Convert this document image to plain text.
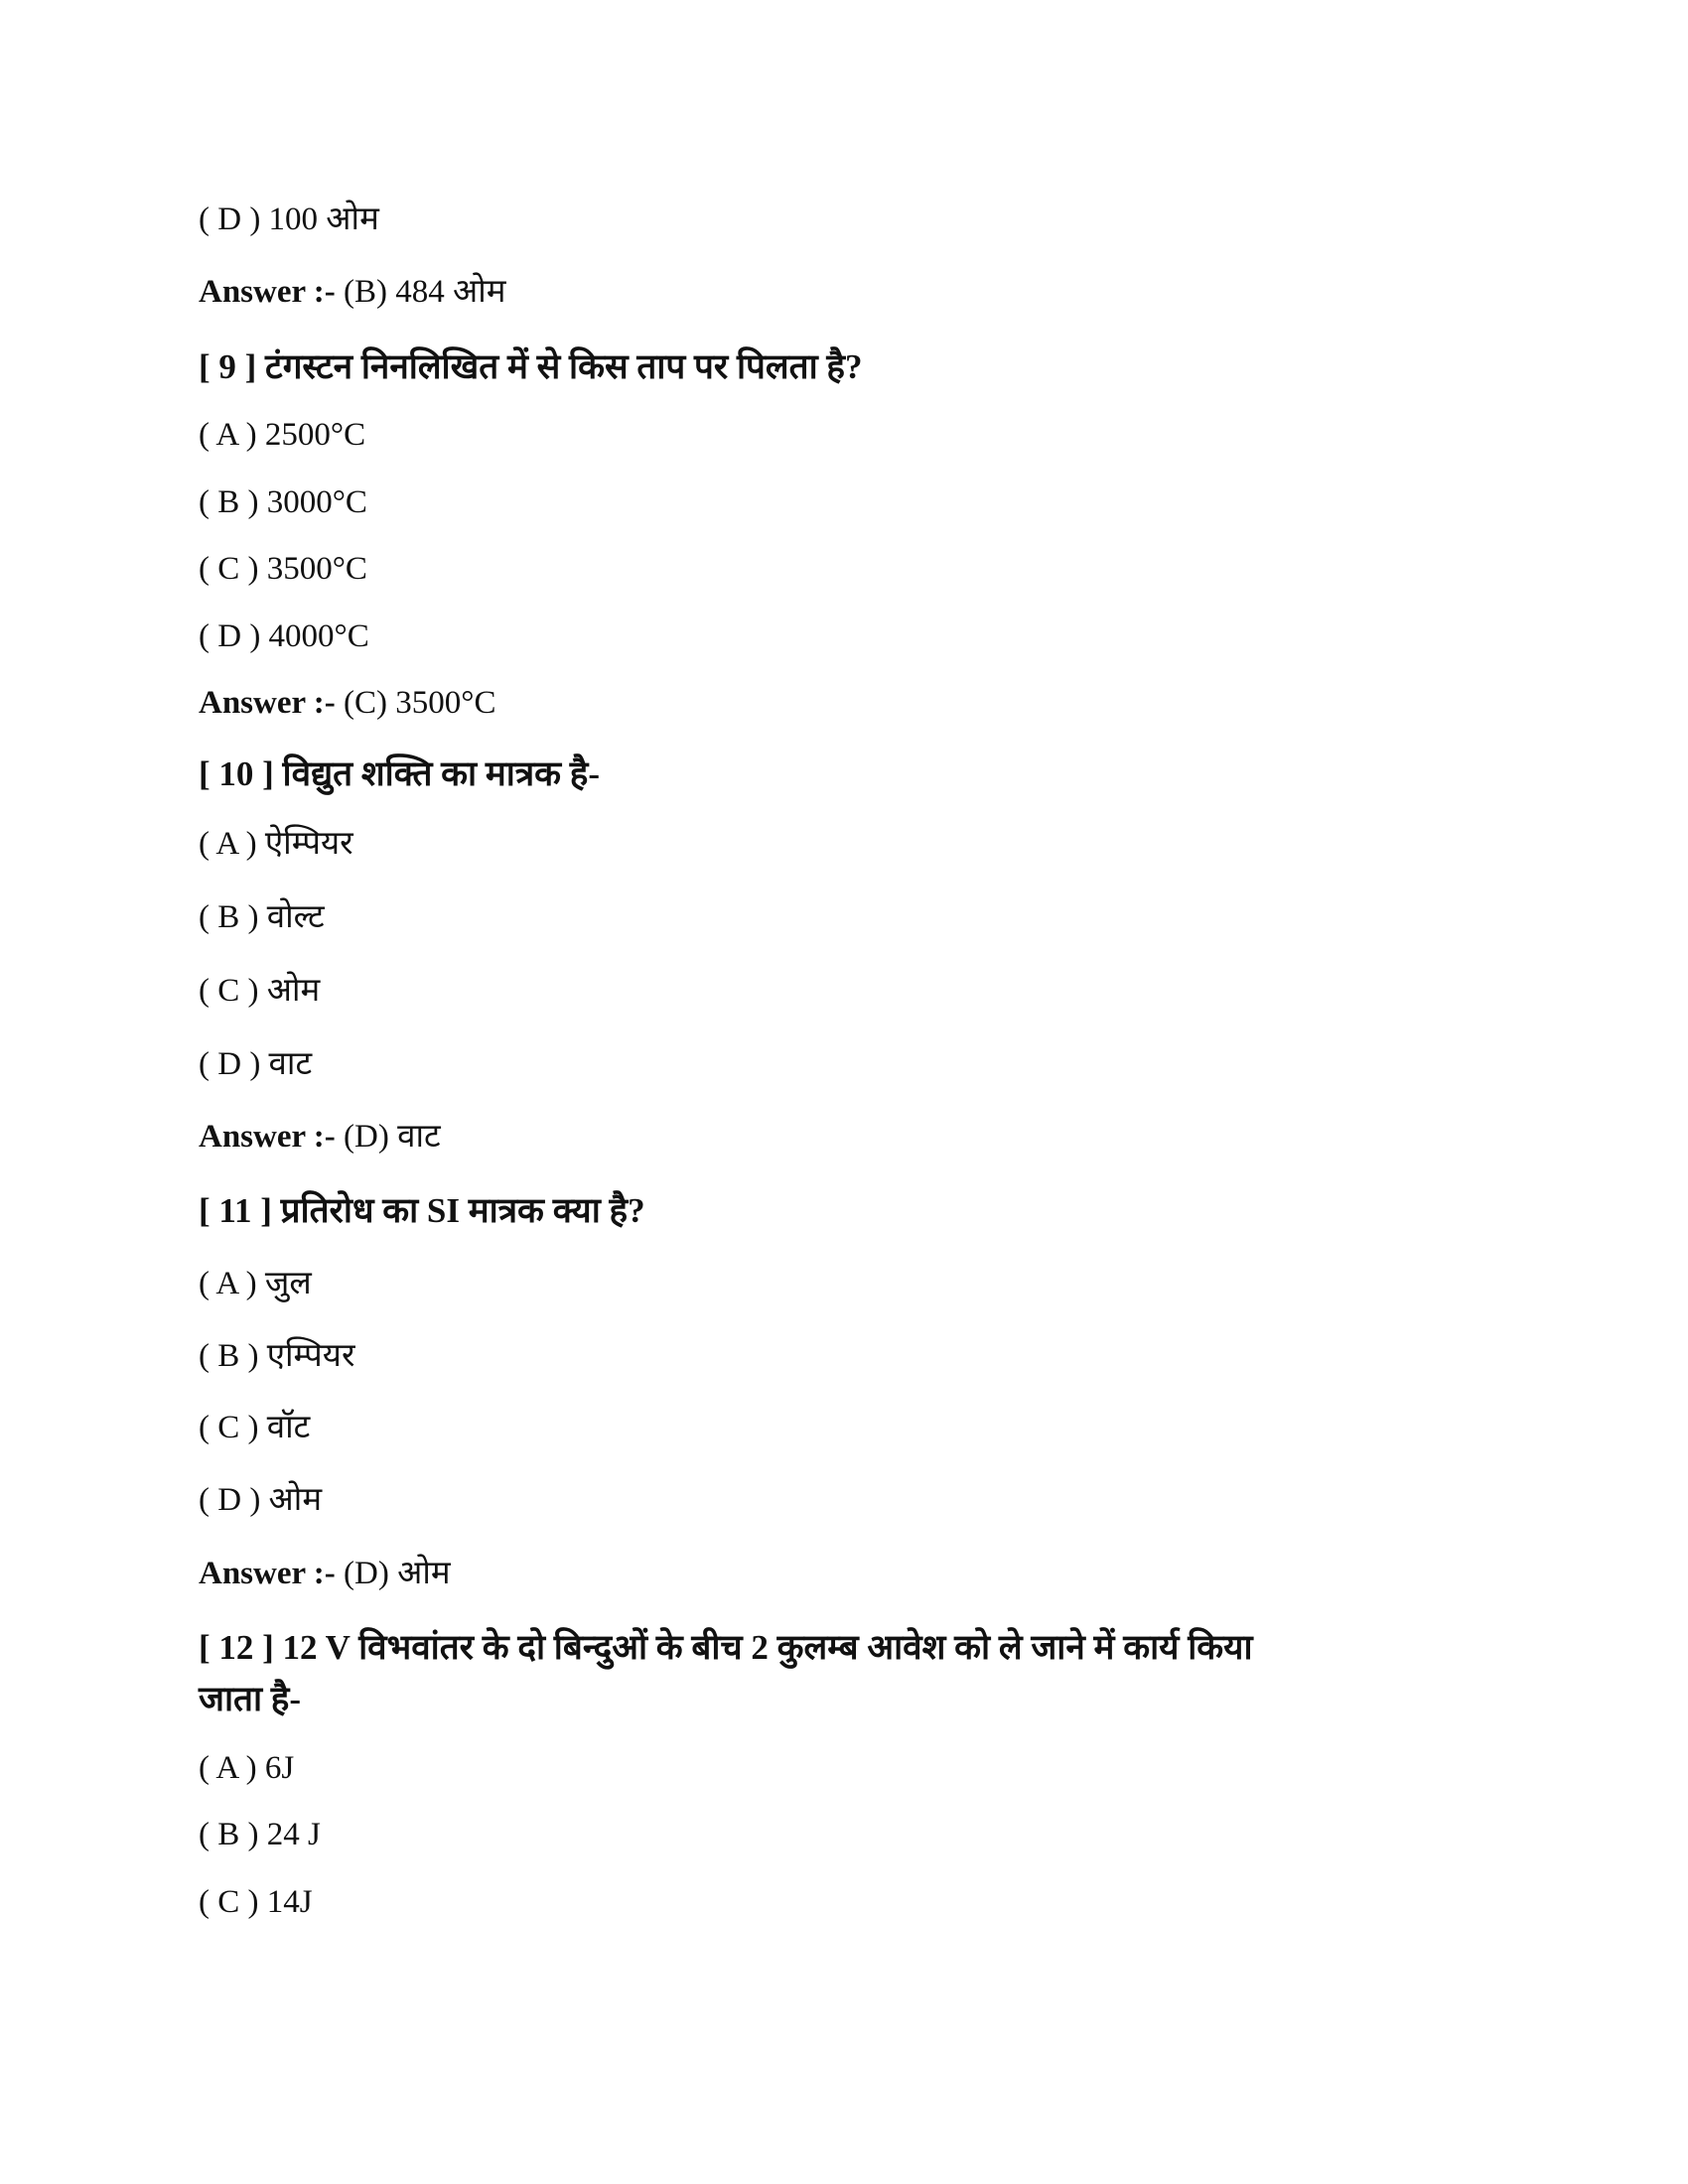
( D ) 100 ओम
Answer :- (B) 484 ओम
[ 9 ] टंगस्टन निनलिखित में से किस ताप पर पिलता है?
( A ) 2500°C
( B ) 3000°C
( C ) 3500°C
( D ) 4000°C
Answer :- (C) 3500°C
[ 10 ] विद्युत शक्ति का मात्रक है-
( A ) ऐम्पियर
( B ) वोल्ट
( C ) ओम
( D ) वाट
Answer :- (D) वाट
[ 11 ] प्रतिरोध का SI मात्रक क्या है?
( A ) जुल
( B ) एम्पियर
( C ) वॉट
( D ) ओम
Answer :- (D) ओम
[ 12 ] 12 V विभवांतर के दो बिन्दुओं के बीच 2 कुलम्ब आवेश को ले जाने में कार्य किया
जाता है-
( A ) 6J
( B ) 24 J
( C ) 14J
